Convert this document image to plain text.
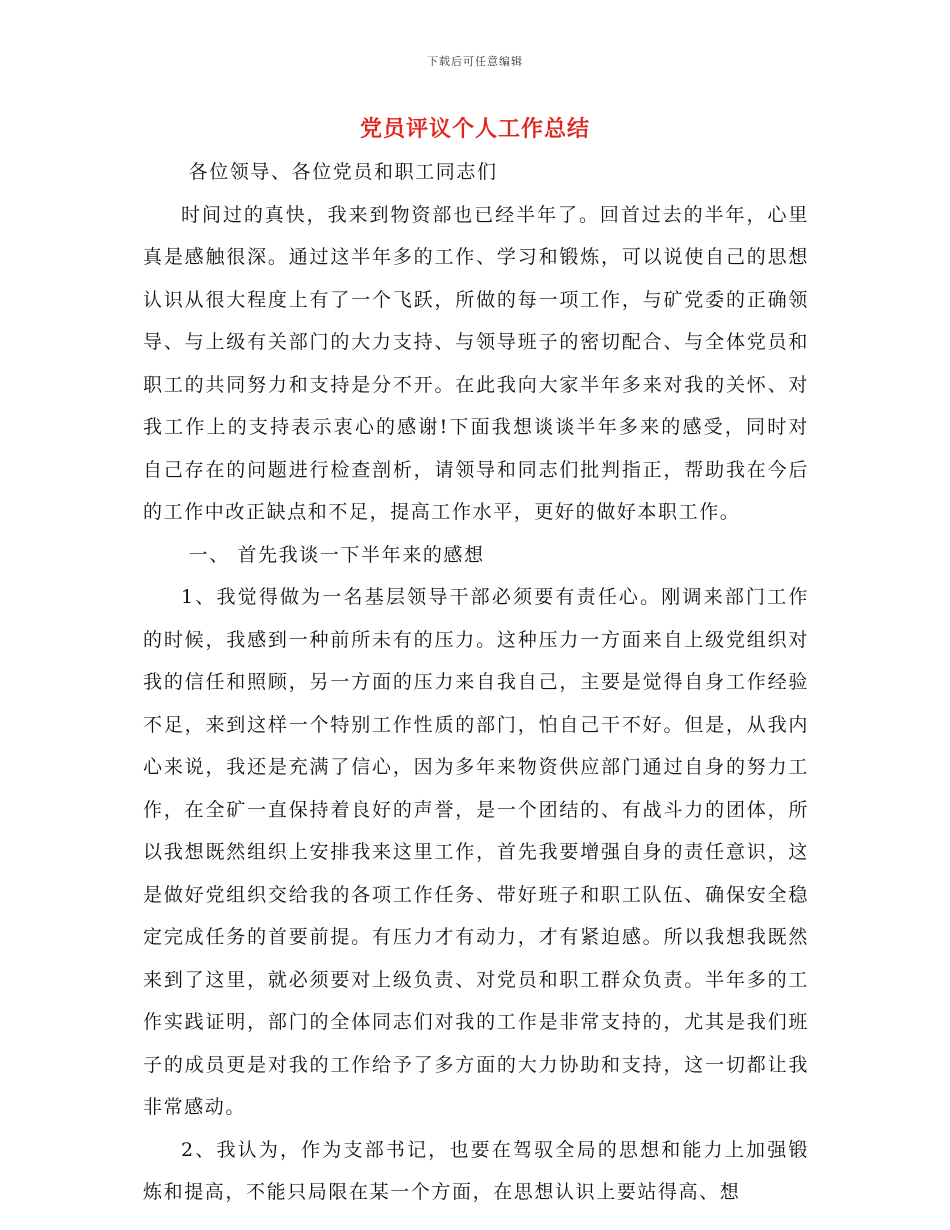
下载后可任意编辑
党员评议个人工作总结

各位领导、各位党员和职工同志们

时间过的真快，我来到物资部也已经半年了。回首过去的半年，心里真是感触很深。通过这半年多的工作、学习和锻炼，可以说使自己的思想认识从很大程度上有了一个飞跃，所做的每一项工作，与矿党委的正确领导、与上级有关部门的大力支持、与领导班子的密切配合、与全体党员和职工的共同努力和支持是分不开。在此我向大家半年多来对我的关怀、对我工作上的支持表示衷心的感谢!下面我想谈谈半年多来的感受，同时对自己存在的问题进行检查剖析，请领导和同志们批判指正，帮助我在今后的工作中改正缺点和不足，提高工作水平，更好的做好本职工作。

一、 首先我谈一下半年来的感想

1、我觉得做为一名基层领导干部必须要有责任心。刚调来部门工作的时候，我感到一种前所未有的压力。这种压力一方面来自上级党组织对我的信任和照顾，另一方面的压力来自我自己，主要是觉得自身工作经验不足，来到这样一个特别工作性质的部门，怕自己干不好。但是，从我内心来说，我还是充满了信心，因为多年来物资供应部门通过自身的努力工作，在全矿一直保持着良好的声誉，是一个团结的、有战斗力的团体，所以我想既然组织上安排我来这里工作，首先我要增强自身的责任意识，这是做好党组织交给我的各项工作任务、带好班子和职工队伍、确保安全稳定完成任务的首要前提。有压力才有动力，才有紧迫感。所以我想我既然来到了这里，就必须要对上级负责、对党员和职工群众负责。半年多的工作实践证明，部门的全体同志们对我的工作是非常支持的，尤其是我们班子的成员更是对我的工作给予了多方面的大力协助和支持，这一切都让我非常感动。

2、我认为，作为支部书记，也要在驾驭全局的思想和能力上加强锻炼和提高，不能只局限在某一个方面，在思想认识上要站得高、想
